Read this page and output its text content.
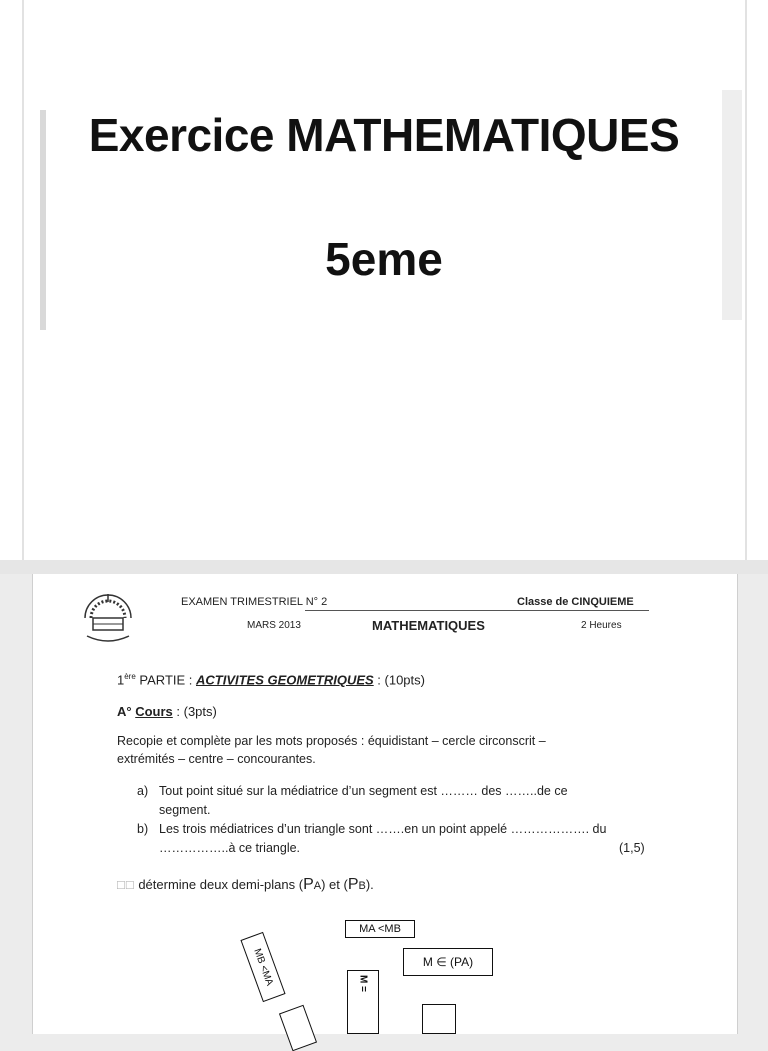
Exercice MATHEMATIQUES
5eme
EXAMEN TRIMESTRIEL N° 2	Classe de CINQUIEME
MARS 2013	MATHEMATIQUES	2 Heures
1ère PARTIE : ACTIVITES GEOMETRIQUES : (10pts)
A° Cours : (3pts)
Recopie et complète par les mots proposés : équidistant – cercle circonscrit –
extrémités – centre – concourantes.
a) Tout point situé sur la médiatrice d’un segment est ……… des ……..de ce
segment.
b) Les trois médiatrices d’un triangle sont …….en un point appelé ………………. du
……………..à ce triangle.	(1,5)
□□ détermine deux demi-plans (PA) et (PB).
MA <MB
M ∈ (PA)
MB <MA	M =
